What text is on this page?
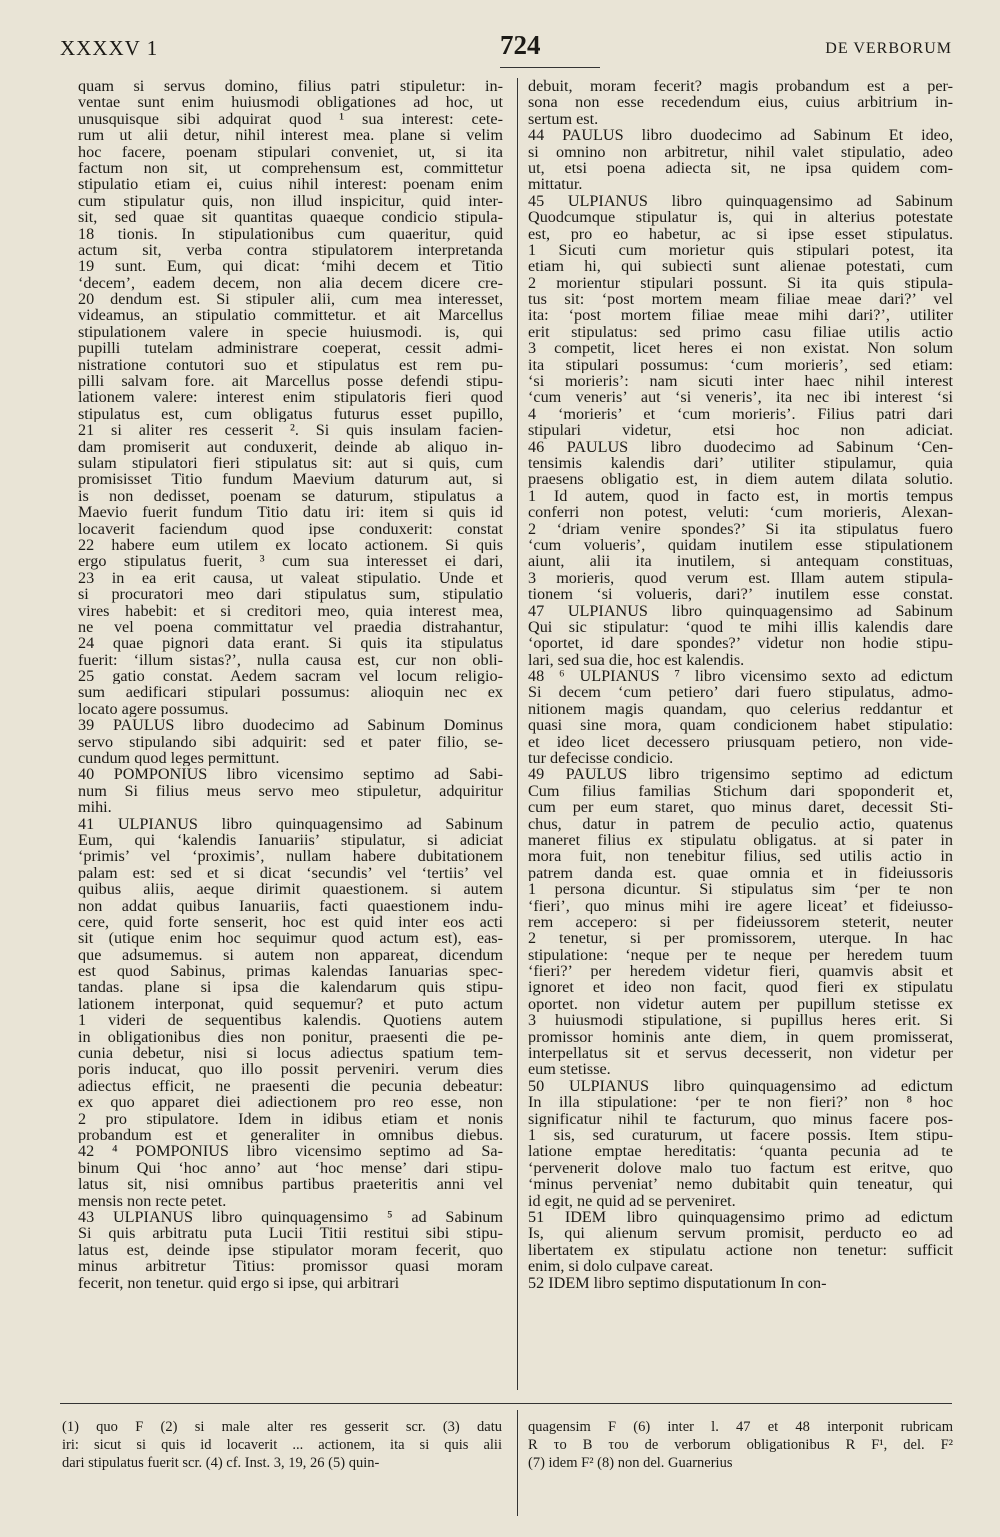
XXXXV 1	724	DE VERBORUM
quam si servus domino, filius patri stipuletur: in-
ventae sunt enim huiusmodi obligationes ad hoc, ut
unusquisque sibi adquirat quod ¹ sua interest: cete-
rum ut alii detur, nihil interest mea. plane si velim
hoc facere, poenam stipulari conveniet, ut, si ita
factum non sit, ut comprehensum est, committetur
stipulatio etiam ei, cuius nihil interest: poenam enim
cum stipulatur quis, non illud inspicitur, quid inter-
sit, sed quae sit quantitas quaeque condicio stipula-
18 tionis. In stipulationibus cum quaeritur, quid
actum sit, verba contra stipulatorem interpretanda
19 sunt. Eum, qui dicat: ‘mihi decem et Titio
‘decem’, eadem decem, non alia decem dicere cre-
20 dendum est. Si stipuler alii, cum mea interesset,
videamus, an stipulatio committetur. et ait Marcellus
stipulationem valere in specie huiusmodi. is, qui
pupilli tutelam administrare coeperat, cessit admi-
nistratione contutori suo et stipulatus est rem pu-
pilli salvam fore. ait Marcellus posse defendi stipu-
lationem valere: interest enim stipulatoris fieri quod
stipulatus est, cum obligatus futurus esset pupillo,
21 si aliter res cesserit ². Si quis insulam facien-
dam promiserit aut conduxerit, deinde ab aliquo in-
sulam stipulatori fieri stipulatus sit: aut si quis, cum
promisisset Titio fundum Maevium daturum aut, si
is non dedisset, poenam se daturum, stipulatus a
Maevio fuerit fundum Titio datu iri: item si quis id
locaverit faciendum quod ipse conduxerit: constat
22 habere eum utilem ex locato actionem. Si quis
ergo stipulatus fuerit, ³ cum sua interesset ei dari,
23 in ea erit causa, ut valeat stipulatio. Unde et
si procuratori meo dari stipulatus sum, stipulatio
vires habebit: et si creditori meo, quia interest mea,
ne vel poena committatur vel praedia distrahantur,
24 quae pignori data erant. Si quis ita stipulatus
fuerit: ‘illum sistas?’, nulla causa est, cur non obli-
25 gatio constat. Aedem sacram vel locum religio-
sum aedificari stipulari possumus: alioquin nec ex
locato agere possumus.
39 PAULUS libro duodecimo ad Sabinum Dominus
servo stipulando sibi adquirit: sed et pater filio, se-
cundum quod leges permittunt.
40 POMPONIUS libro vicensimo septimo ad Sabi-
num Si filius meus servo meo stipuletur, adquiritur
mihi.
41 ULPIANUS libro quinquagensimo ad Sabinum
Eum, qui ‘kalendis Ianuariis’ stipulatur, si adiciat
‘primis’ vel ‘proximis’, nullam habere dubitationem
palam est: sed et si dicat ‘secundis’ vel ‘tertiis’ vel
quibus aliis, aeque dirimit quaestionem. si autem
non addat quibus Ianuariis, facti quaestionem indu-
cere, quid forte senserit, hoc est quid inter eos acti
sit (utique enim hoc sequimur quod actum est), eas-
que adsumemus. si autem non appareat, dicendum
est quod Sabinus, primas kalendas Ianuarias spec-
tandas. plane si ipsa die kalendarum quis stipu-
lationem interponat, quid sequemur? et puto actum
1 videri de sequentibus kalendis. Quotiens autem
in obligationibus dies non ponitur, praesenti die pe-
cunia debetur, nisi si locus adiectus spatium tem-
poris inducat, quo illo possit perveniri. verum dies
adiectus efficit, ne praesenti die pecunia debeatur:
ex quo apparet diei adiectionem pro reo esse, non
2 pro stipulatore. Idem in idibus etiam et nonis
probandum est et generaliter in omnibus diebus.
42 ⁴ POMPONIUS libro vicensimo septimo ad Sa-
binum Qui ‘hoc anno’ aut ‘hoc mense’ dari stipu-
latus sit, nisi omnibus partibus praeteritis anni vel
mensis non recte petet.
43 ULPIANUS libro quinquagensimo ⁵ ad Sabinum
Si quis arbitratu puta Lucii Titii restitui sibi stipu-
latus est, deinde ipse stipulator moram fecerit, quo
minus arbitretur Titius: promissor quasi moram
fecerit, non tenetur. quid ergo si ipse, qui arbitrari
debuit, moram fecerit? magis probandum est a per-
sona non esse recedendum eius, cuius arbitrium in-
sertum est.
44 PAULUS libro duodecimo ad Sabinum Et ideo,
si omnino non arbitretur, nihil valet stipulatio, adeo
ut, etsi poena adiecta sit, ne ipsa quidem com-
mittatur.
45 ULPIANUS libro quinquagensimo ad Sabinum
Quodcumque stipulatur is, qui in alterius potestate
est, pro eo habetur, ac si ipse esset stipulatus.
1 Sicuti cum morietur quis stipulari potest, ita
etiam hi, qui subiecti sunt alienae potestati, cum
2 morientur stipulari possunt. Si ita quis stipula-
tus sit: ‘post mortem meam filiae meae dari?’ vel
ita: ‘post mortem filiae meae mihi dari?’, utiliter
erit stipulatus: sed primo casu filiae utilis actio
3 competit, licet heres ei non existat. Non solum
ita stipulari possumus: ‘cum morieris’, sed etiam:
‘si morieris’: nam sicuti inter haec nihil interest
‘cum veneris’ aut ‘si veneris’, ita nec ibi interest ‘si
4 ‘morieris’ et ‘cum morieris’. Filius patri dari
stipulari videtur, etsi hoc non adiciat.
46 PAULUS libro duodecimo ad Sabinum ‘Cen-
tensimis kalendis dari’ utiliter stipulamur, quia
praesens obligatio est, in diem autem dilata solutio.
1 Id autem, quod in facto est, in mortis tempus
conferri non potest, veluti: ‘cum morieris, Alexan-
2 ‘driam venire spondes?’ Si ita stipulatus fuero
‘cum volueris’, quidam inutilem esse stipulationem
aiunt, alii ita inutilem, si antequam constituas,
3 morieris, quod verum est. Illam autem stipula-
tionem ‘si volueris, dari?’ inutilem esse constat.
47 ULPIANUS libro quinquagensimo ad Sabinum
Qui sic stipulatur: ‘quod te mihi illis kalendis dare
‘oportet, id dare spondes?’ videtur non hodie stipu-
lari, sed sua die, hoc est kalendis.
48 ⁶ ULPIANUS ⁷ libro vicensimo sexto ad edictum
Si decem ‘cum petiero’ dari fuero stipulatus, admo-
nitionem magis quandam, quo celerius reddantur et
quasi sine mora, quam condicionem habet stipulatio:
et ideo licet decessero priusquam petiero, non vide-
tur defecisse condicio.
49 PAULUS libro trigensimo septimo ad edictum
Cum filius familias Stichum dari spoponderit et,
cum per eum staret, quo minus daret, decessit Sti-
chus, datur in patrem de peculio actio, quatenus
maneret filius ex stipulatu obligatus. at si pater in
mora fuit, non tenebitur filius, sed utilis actio in
patrem danda est. quae omnia et in fideiussoris
1 persona dicuntur. Si stipulatus sim ‘per te non
‘fieri’, quo minus mihi ire agere liceat’ et fideiusso-
rem accepero: si per fideiussorem steterit, neuter
2 tenetur, si per promissorem, uterque. In hac
stipulatione: ‘neque per te neque per heredem tuum
‘fieri?’ per heredem videtur fieri, quamvis absit et
ignoret et ideo non facit, quod fieri ex stipulatu
oportet. non videtur autem per pupillum stetisse ex
3 huiusmodi stipulatione, si pupillus heres erit. Si
promissor hominis ante diem, in quem promisserat,
interpellatus sit et servus decesserit, non videtur per
eum stetisse.
50 ULPIANUS libro quinquagensimo ad edictum
In illa stipulatione: ‘per te non fieri?’ non ⁸ hoc
significatur nihil te facturum, quo minus facere pos-
1 sis, sed curaturum, ut facere possis. Item stipu-
latione emptae hereditatis: ‘quanta pecunia ad te
‘pervenerit dolove malo tuo factum est eritve, quo
‘minus perveniat’ nemo dubitabit quin teneatur, qui
id egit, ne quid ad se perveniret.
51 IDEM libro quinquagensimo primo ad edictum
Is, qui alienum servum promisit, perducto eo ad
libertatem ex stipulatu actione non tenetur: sufficit
enim, si dolo culpave careat.
52 IDEM libro septimo disputationum In con-
(1) quo F (2) si male alter res gesserit scr. (3) datu
iri: sicut si quis id locaverit ... actionem, ita si quis alii
dari stipulatus fuerit scr. (4) cf. Inst. 3, 19, 26 (5) quin-
quagensim F (6) inter l. 47 et 48 interponit rubricam
R το B του de verborum obligationibus R F¹, del. F²
(7) idem F² (8) non del. Guarnerius
